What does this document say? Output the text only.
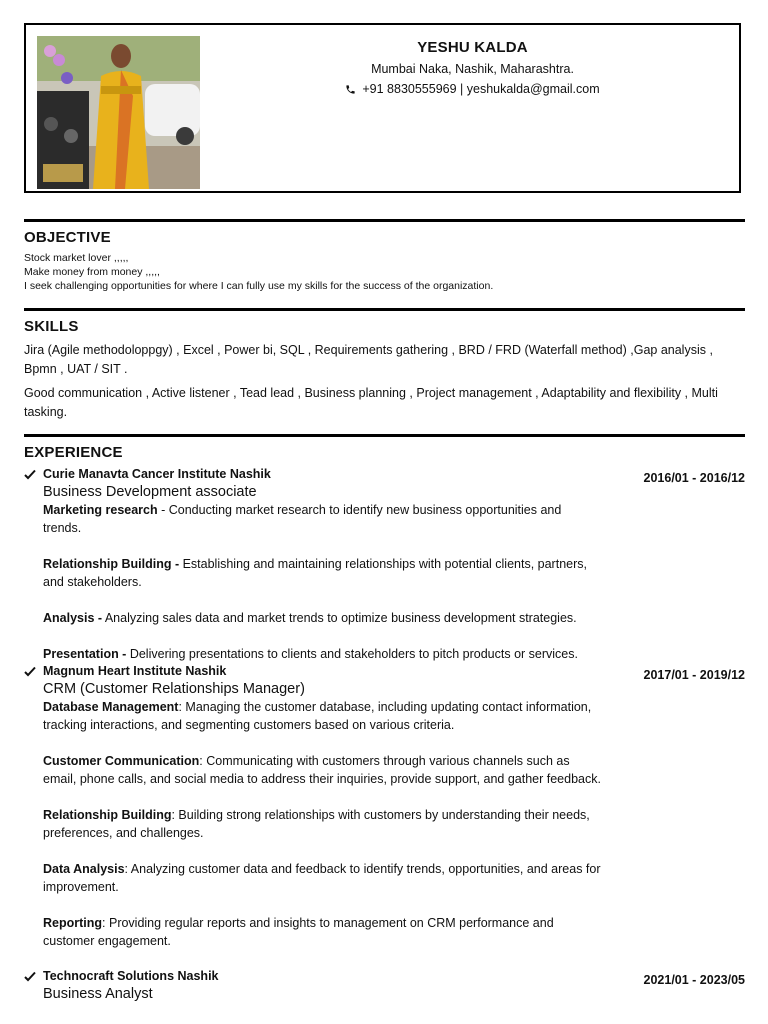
YESHU KALDA
Mumbai Naka, Nashik, Maharashtra.
+91 8830555969 | yeshukalda@gmail.com
OBJECTIVE
Stock market lover ,,,,,
Make money from money ,,,,,
I seek challenging opportunities for where I can fully use my skills for the success of the organization.
SKILLS

Jira (Agile methodoloppgy) , Excel , Power bi, SQL , Requirements gathering , BRD / FRD (Waterfall method) ,Gap analysis , Bpmn , UAT / SIT .

Good communication , Active listener , Tead lead , Business planning , Project management , Adaptability and flexibility , Multi tasking.

EXPERIENCE
Curie Manavta Cancer Institute Nashik	2016/01 - 2016/12
Business Development associate
Marketing research - Conducting market research to identify new business opportunities and trends.
Relationship Building - Establishing and maintaining relationships with potential clients, partners, and stakeholders.
Analysis - Analyzing sales data and market trends to optimize business development strategies.
Presentation - Delivering presentations to clients and stakeholders to pitch products or services.
Magnum Heart Institute Nashik	2017/01 - 2019/12
CRM (Customer Relationships Manager)
Database Management: Managing the customer database, including updating contact information, tracking interactions, and segmenting customers based on various criteria.
Customer Communication: Communicating with customers through various channels such as email, phone calls, and social media to address their inquiries, provide support, and gather feedback.
Relationship Building: Building strong relationships with customers by understanding their needs, preferences, and challenges.
Data Analysis: Analyzing customer data and feedback to identify trends, opportunities, and areas for improvement.
Reporting: Providing regular reports and insights to management on CRM performance and customer engagement.
Technocraft Solutions Nashik	2021/01 - 2023/05
Business Analyst
